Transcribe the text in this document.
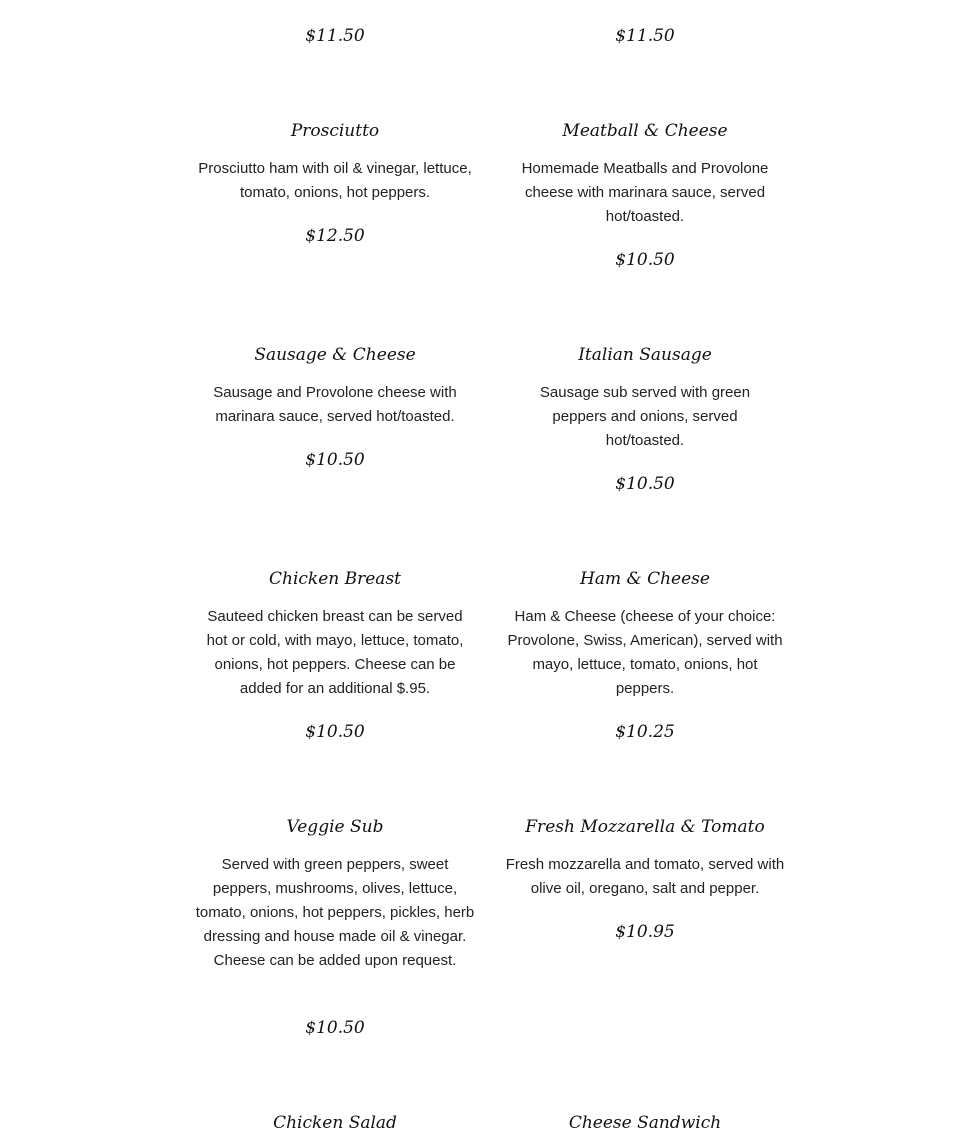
$11.50	$11.50
Prosciutto
Prosciutto ham with oil & vinegar, lettuce, tomato, onions, hot peppers.
$12.50
Meatball & Cheese
Homemade Meatballs and Provolone cheese with marinara sauce, served hot/toasted.
$10.50
Sausage & Cheese
Sausage and Provolone cheese with marinara sauce, served hot/toasted.
$10.50
Italian Sausage
Sausage sub served with green peppers and onions, served hot/toasted.
$10.50
Chicken Breast
Sauteed chicken breast can be served hot or cold, with mayo, lettuce, tomato, onions, hot peppers. Cheese can be added for an additional $.95.
$10.50
Ham & Cheese
Ham & Cheese (cheese of your choice: Provolone, Swiss, American), served with mayo, lettuce, tomato, onions, hot peppers.
$10.25
Veggie Sub
Served with green peppers, sweet peppers, mushrooms, olives, lettuce, tomato, onions, hot peppers, pickles, herb dressing and house made oil & vinegar. Cheese can be added upon request.
$10.50
Fresh Mozzarella & Tomato
Fresh mozzarella and tomato, served with olive oil, oregano, salt and pepper.
$10.95
Chicken Salad	Cheese Sandwich
